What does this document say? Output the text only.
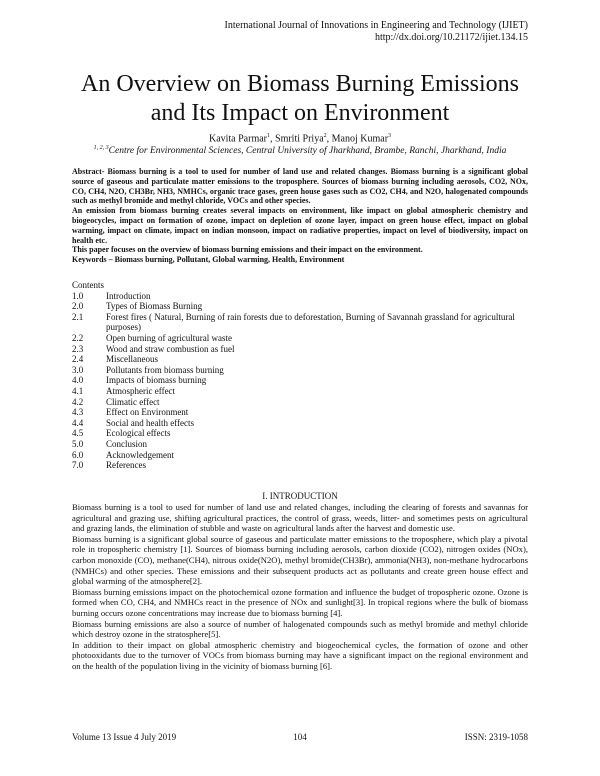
International Journal of Innovations in Engineering and Technology (IJIET)
http://dx.doi.org/10.21172/ijiet.134.15
An Overview on Biomass Burning Emissions
and Its Impact on Environment
Kavita Parmar$^1$, Smriti Priya$^2$, Manoj Kumar$^3$
$^{1, 2, 3}$Centre for Environmental Sciences, Central University of Jharkhand, Brambe, Ranchi, Jharkhand, India

Abstract- Biomass burning is a tool to used for number of land use and related changes. Biomass burning is a significant global source of gaseous and particulate matter emissions to the troposphere. Sources of biomass burning including aerosols, CO2, NOx, CO, CH4, N2O, CH3Br, NH3, NMHCs, organic trace gases, green house gases such as CO2, CH4, and N2O, halogenated compounds such as methyl bromide and methyl chloride, VOCs and other species.

An emission from biomass burning creates several impacts on environment, like impact on global atmospheric chemistry and biogeocycles, impact on formation of ozone, impact on depletion of ozone layer, impact on green house effect, impact on global warming, impact on climate, impact on indian monsoon, impact on radiative properties, impact on level of biodiversity, impact on health etc.

This paper focuses on the overview of biomass burning emissions and their impact on the environment.

Keywords – Biomass burning, Pollutant, Global warming, Health, Environment

Contents

1.0	Introduction
2.0	Types of Biomass Burning
2.1	Forest fires ( Natural, Burning of rain forests due to deforestation, Burning of Savannah grassland for agricultural purposes)
2.2	Open burning of agricultural waste
2.3	Wood and straw combustion as fuel
2.4	Miscellaneous
3.0	Pollutants from biomass burning
4.0	Impacts of biomass burning
4.1	Atmospheric effect
4.2	Climatic effect
4.3	Effect on Environment
4.4	Social and health effects
4.5	Ecological effects
5.0	Conclusion
6.0	Acknowledgement
7.0	References
I. INTRODUCTION

Biomass burning is a tool to used for number of land use and related changes, including the clearing of forests and savannas for agricultural and grazing use, shifting agricultural practices, the control of grass, weeds, litter- and sometimes pests on agricultural and grazing lands, the elimination of stubble and waste on agricultural lands after the harvest and domestic use.

Biomass burning is a significant global source of gaseous and particulate matter emissions to the troposphere, which play a pivotal role in tropospheric chemistry [1]. Sources of biomass burning including aerosols, carbon dioxide (CO2), nitrogen oxides (NOx), carbon monoxide (CO), methane(CH4), nitrous oxide(N2O), methyl bromide(CH3Br), ammonia(NH3), non-methane hydrocarbons (NMHCs) and other species. These emissions and their subsequent products act as pollutants and create green house effect and global warming of the atmosphere[2].

Biomass burning emissions impact on the photochemical ozone formation and influence the budget of tropospheric ozone. Ozone is formed when CO, CH4, and NMHCs react in the presence of NOx and sunlight[3]. In tropical regions where the bulk of biomass burning occurs ozone concentrations may increase due to biomass burning [4].

Biomass burning emissions are also a source of number of halogenated compounds such as methyl bromide and methyl chloride which destroy ozone in the stratosphere[5].

In addition to their impact on global atmospheric chemistry and biogeochemical cycles, the formation of ozone and other photooxidants due to the turnover of VOCs from biomass burning may have a significant impact on the regional environment and on the health of the population living in the vicinity of biomass burning [6].

Volume 13 Issue 4 July 2019	104	ISSN: 2319-1058
